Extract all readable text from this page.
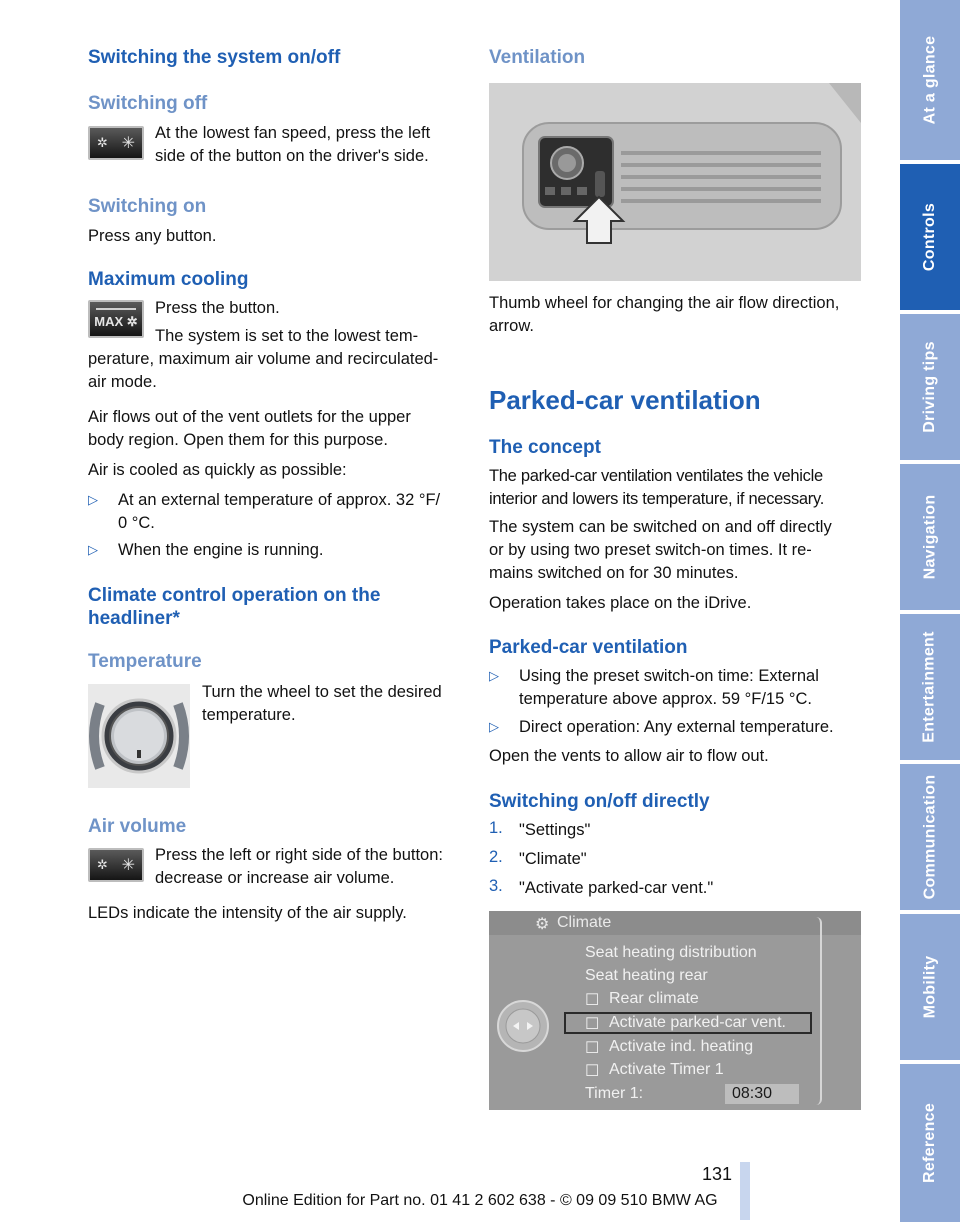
Switching the system on/off
Switching off
✲ ✳
At the lowest fan speed, press the left
side of the button on the driver's side.
Switching on
Press any button.
Maximum cooling
MAX ✲
Press the button.
The system is set to the lowest tem-
perature, maximum air volume and recirculated-
air mode.
Air flows out of the vent outlets for the upper
body region. Open them for this purpose.
Air is cooled as quickly as possible:
▷ At an external temperature of approx. 32 °F/
0 °C.
▷ When the engine is running.
Climate control operation on the
headliner*
Temperature
Turn the wheel to set the desired
temperature.
Air volume
✲ ✳
Press the left or right side of the button:
decrease or increase air volume.
LEDs indicate the intensity of the air supply.
Ventilation
Thumb wheel for changing the air flow direction,
arrow.
Parked-car ventilation
The concept
The parked-car ventilation ventilates the vehicle
interior and lowers its temperature, if necessary.
The system can be switched on and off directly
or by using two preset switch-on times. It re-
mains switched on for 30 minutes.
Operation takes place on the iDrive.
Parked-car ventilation
▷ Using the preset switch-on time: External
temperature above approx. 59 °F/15 °C.
▷ Direct operation: Any external temperature.
Open the vents to allow air to flow out.
Switching on/off directly
1. "Settings"
2. "Climate"
3. "Activate parked-car vent."
⚙ Climate
Seat heating distribution
Seat heating rear
☐ Rear climate
☐ Activate parked-car vent.
☐ Activate ind. heating
☐ Activate Timer 1
Timer 1:	08:30
At a glance
Controls
Driving tips
Navigation
Entertainment
Communication
Mobility
Reference
131
Online Edition for Part no. 01 41 2 602 638 - © 09 09 510 BMW AG
